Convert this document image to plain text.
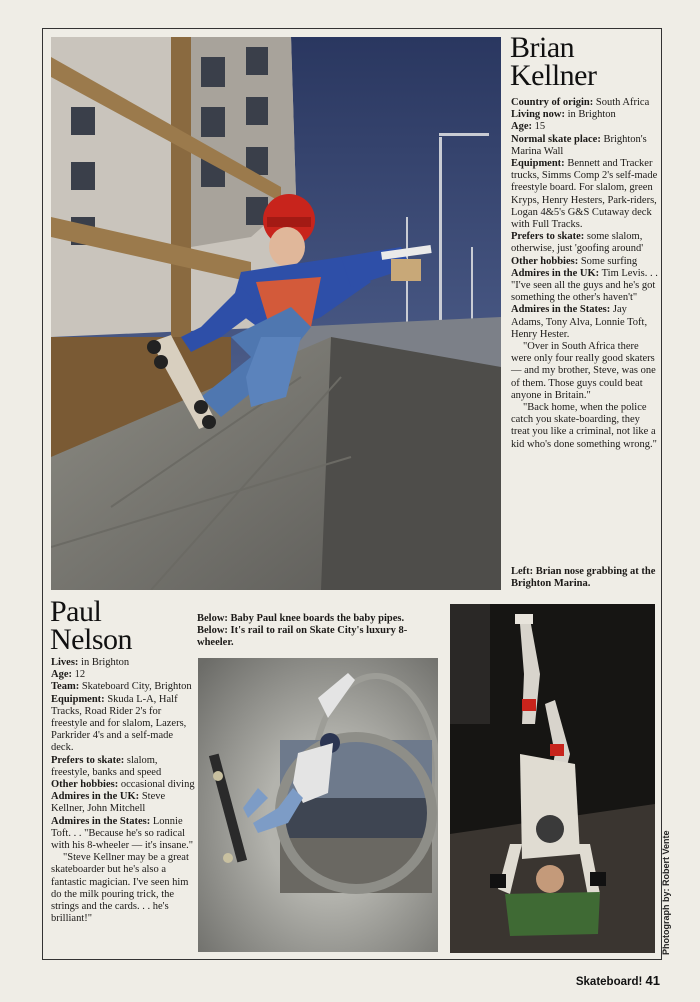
Brian
Kellner

Country of origin: South Africa

Living now: in Brighton

Age: 15

Normal skate place: Brighton's Marina Wall

Equipment: Bennett and Tracker trucks, Simms Comp 2's self-made freestyle board. For slalom, green Kryps, Henry Hesters, Park-riders, Logan 4&5's G&S Cutaway deck with Full Tracks.

Prefers to skate: some slalom, otherwise, just 'goofing around'

Other hobbies: Some surfing

Admires in the UK: Tim Levis. . . "I've seen all the guys and he's got something the other's haven't"

Admires in the States: Jay Adams, Tony Alva, Lonnie Toft, Henry Hester.

"Over in South Africa there were only four really good skaters — and my brother, Steve, was one of them. Those guys could beat anyone in Britain."

"Back home, when the police catch you skate-boarding, they treat you like a criminal, not like a kid who's done something wrong."

Left: Brian nose grabbing at the Brighton Marina.
Paul
Nelson

Lives: in Brighton

Age: 12

Team: Skateboard City, Brighton

Equipment: Skuda L-A, Half Tracks, Road Rider 2's for freestyle and for slalom, Lazers, Parkrider 4's and a self-made deck.

Prefers to skate: slalom, freestyle, banks and speed

Other hobbies: occasional diving

Admires in the UK: Steve Kellner, John Mitchell

Admires in the States: Lonnie Toft. . . "Because he's so radical with his 8-wheeler — it's insane."

"Steve Kellner may be a great skateboarder but he's also a fantastic magician. I've seen him do the milk pouring trick, the strings and the cards. . . he's brilliant!"

Below: Baby Paul knee boards the baby pipes.
Below: It's rail to rail on Skate City's luxury 8-wheeler.
Photograph by: Robert Vente
Skateboard! 41
